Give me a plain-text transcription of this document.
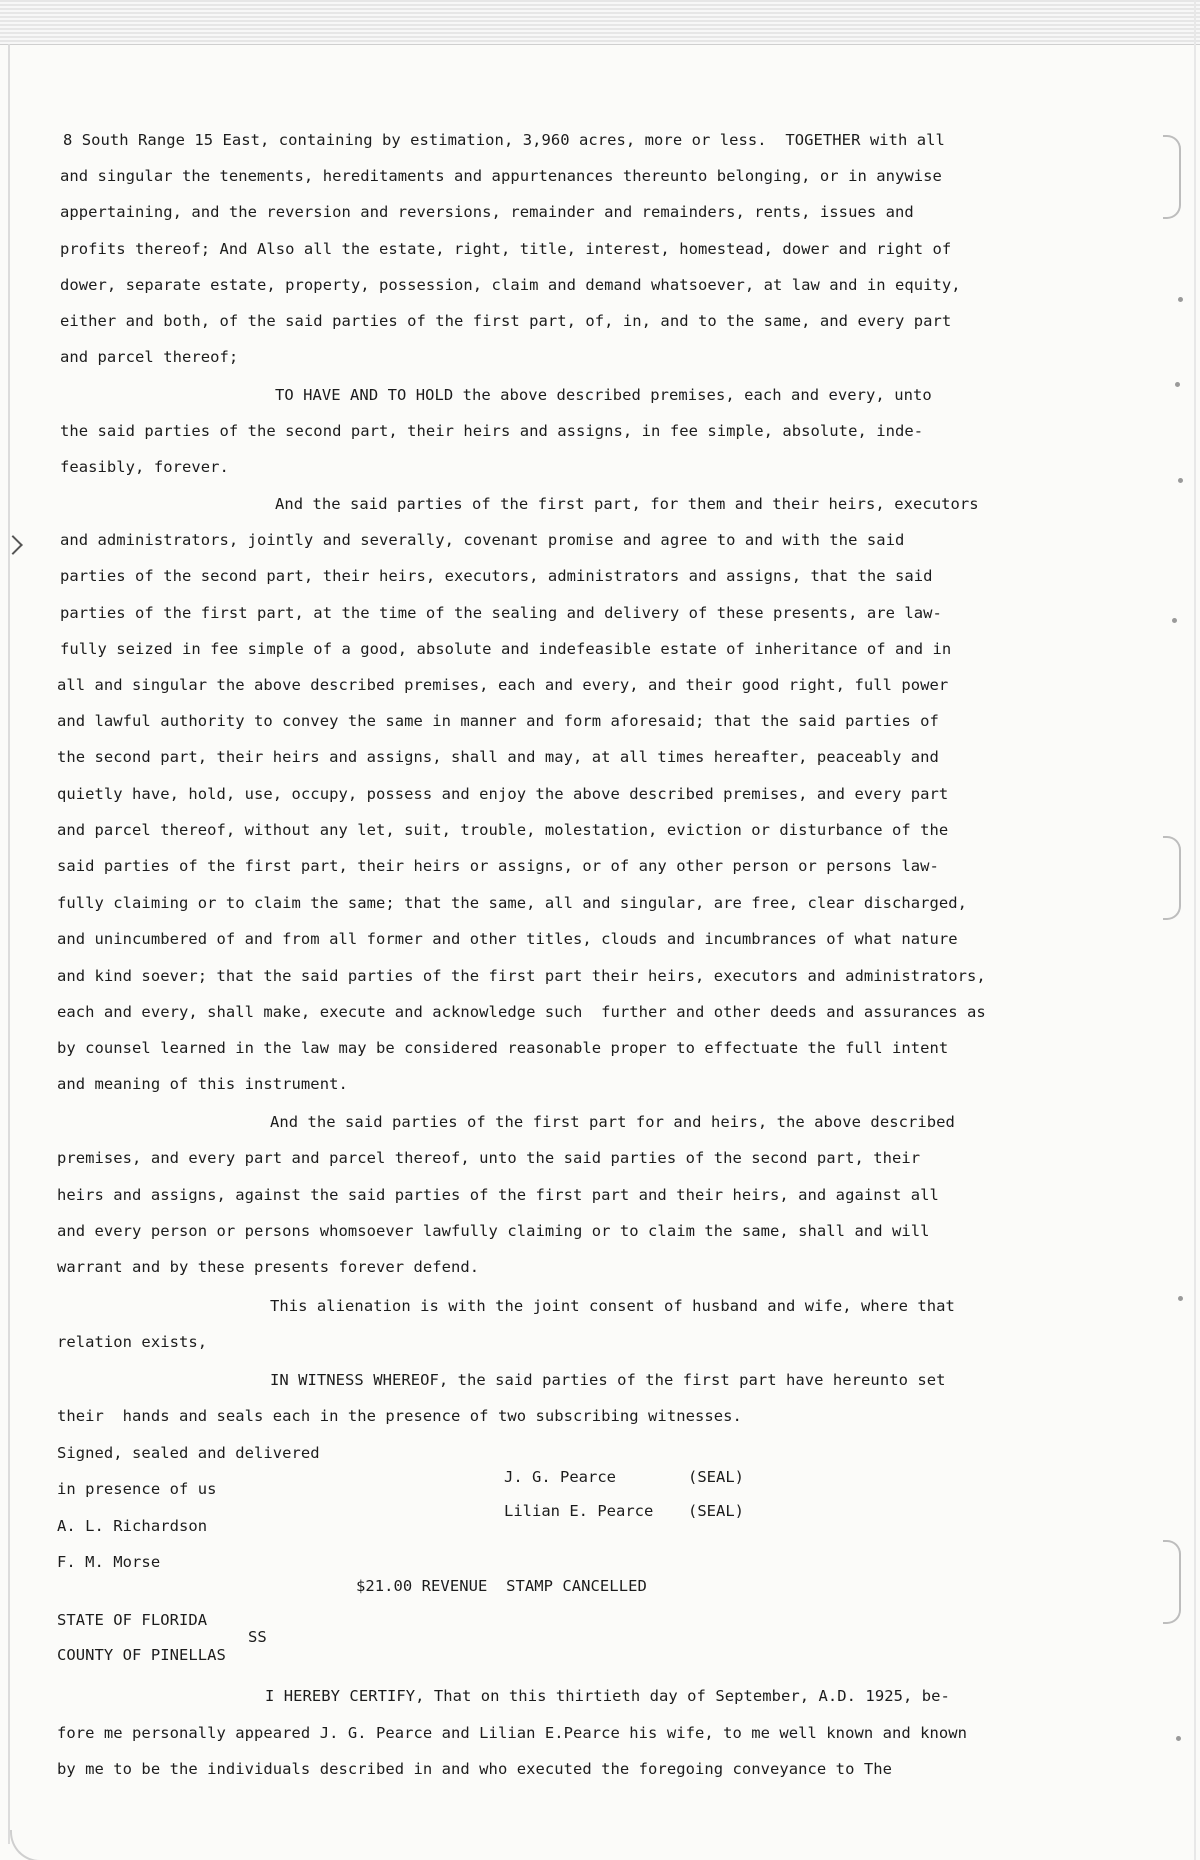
8 South Range 15 East, containing by estimation, 3,960 acres, more or less.  TOGETHER with all
and singular the tenements, hereditaments and appurtenances thereunto belonging, or in anywise
appertaining, and the reversion and reversions, remainder and remainders, rents, issues and
profits thereof; And Also all the estate, right, title, interest, homestead, dower and right of
dower, separate estate, property, possession, claim and demand whatsoever, at law and in equity,
either and both, of the said parties of the first part, of, in, and to the same, and every part
and parcel thereof;
TO HAVE AND TO HOLD the above described premises, each and every, unto
the said parties of the second part, their heirs and assigns, in fee simple, absolute, inde-
feasibly, forever.
And the said parties of the first part, for them and their heirs, executors
and administrators, jointly and severally, covenant promise and agree to and with the said
parties of the second part, their heirs, executors, administrators and assigns, that the said
parties of the first part, at the time of the sealing and delivery of these presents, are law-
fully seized in fee simple of a good, absolute and indefeasible estate of inheritance of and in
all and singular the above described premises, each and every, and their good right, full power
and lawful authority to convey the same in manner and form aforesaid; that the said parties of
the second part, their heirs and assigns, shall and may, at all times hereafter, peaceably and
quietly have, hold, use, occupy, possess and enjoy the above described premises, and every part
and parcel thereof, without any let, suit, trouble, molestation, eviction or disturbance of the
said parties of the first part, their heirs or assigns, or of any other person or persons law-
fully claiming or to claim the same; that the same, all and singular, are free, clear discharged,
and unincumbered of and from all former and other titles, clouds and incumbrances of what nature
and kind soever; that the said parties of the first part their heirs, executors and administrators,
each and every, shall make, execute and acknowledge such  further and other deeds and assurances as
by counsel learned in the law may be considered reasonable proper to effectuate the full intent
and meaning of this instrument.
And the said parties of the first part for and heirs, the above described
premises, and every part and parcel thereof, unto the said parties of the second part, their
heirs and assigns, against the said parties of the first part and their heirs, and against all
and every person or persons whomsoever lawfully claiming or to claim the same, shall and will
warrant and by these presents forever defend.
This alienation is with the joint consent of husband and wife, where that
relation exists,
IN WITNESS WHEREOF, the said parties of the first part have hereunto set
their  hands and seals each in the presence of two subscribing witnesses.
Signed, sealed and delivered
in presence of us
A. L. Richardson
F. M. Morse
$21.00 REVENUE  STAMP CANCELLED
STATE OF FLORIDA
SS
COUNTY OF PINELLAS
I HEREBY CERTIFY, That on this thirtieth day of September, A.D. 1925, be-
fore me personally appeared J. G. Pearce and Lilian E.Pearce his wife, to me well known and known
by me to be the individuals described in and who executed the foregoing conveyance to The
J. G. Pearce	(SEAL)
Lilian E. Pearce (SEAL)
